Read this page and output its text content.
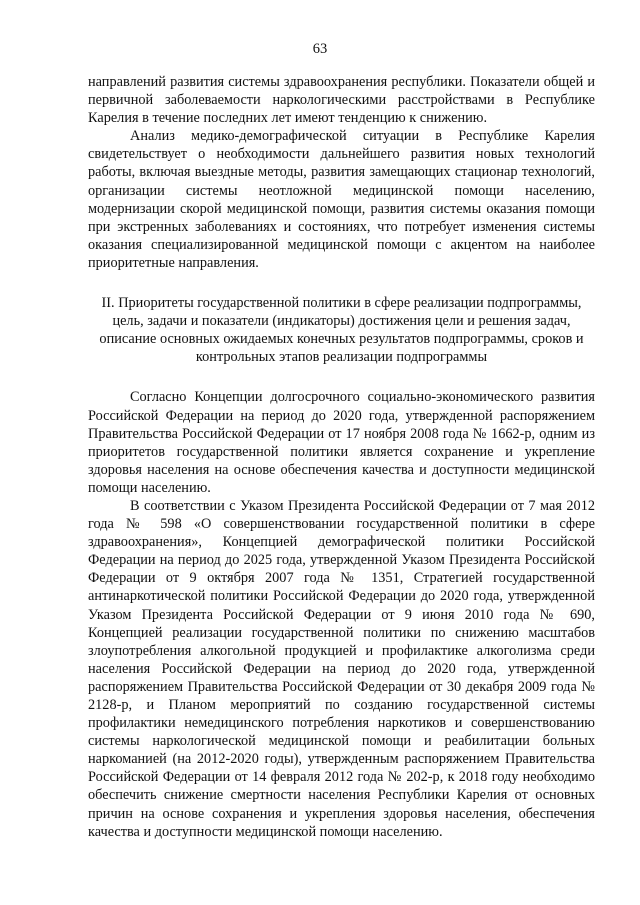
63

направлений развития системы здравоохранения республики. Показатели общей и первичной заболеваемости наркологическими расстройствами в Республике Карелия в течение последних лет имеют тенденцию к снижению.

Анализ медико-демографической ситуации в Республике Карелия свидетельствует о необходимости дальнейшего развития новых технологий работы, включая выездные методы, развития замещающих стационар технологий, организации системы неотложной медицинской помощи населению, модернизации скорой медицинской помощи, развития системы оказания помощи при экстренных заболеваниях и состояниях, что потребует изменения системы оказания специализированной медицинской помощи с акцентом на наиболее приоритетные направления.

II. Приоритеты государственной политики в сфере реализации подпрограммы, цель, задачи и показатели (индикаторы) достижения цели и решения задач, описание основных ожидаемых конечных результатов подпрограммы, сроков и контрольных этапов реализации подпрограммы

Согласно Концепции долгосрочного социально-экономического развития Российской Федерации на период до 2020 года, утвержденной распоряжением Правительства Российской Федерации от 17 ноября 2008 года № 1662-р, одним из приоритетов государственной политики является сохранение и укрепление здоровья населения на основе обеспечения качества и доступности медицинской помощи населению.

В соответствии с Указом Президента Российской Федерации от 7 мая 2012 года № 598 «О совершенствовании государственной политики в сфере здравоохранения», Концепцией демографической политики Российской Федерации на период до 2025 года, утвержденной Указом Президента Российской Федерации от 9 октября 2007 года № 1351, Стратегией государственной антинаркотической политики Российской Федерации до 2020 года, утвержденной Указом Президента Российской Федерации от 9 июня 2010 года № 690, Концепцией реализации государственной политики по снижению масштабов злоупотребления алкогольной продукцией и профилактике алкоголизма среди населения Российской Федерации на период до 2020 года, утвержденной распоряжением Правительства Российской Федерации от 30 декабря 2009 года № 2128-р, и Планом мероприятий по созданию государственной системы профилактики немедицинского потребления наркотиков и совершенствованию системы наркологической медицинской помощи и реабилитации больных наркоманией (на 2012-2020 годы), утвержденным распоряжением Правительства Российской Федерации от 14 февраля 2012 года № 202-р, к 2018 году необходимо обеспечить снижение смертности населения Республики Карелия от основных причин на основе сохранения и укрепления здоровья населения, обеспечения качества и доступности медицинской помощи населению.
